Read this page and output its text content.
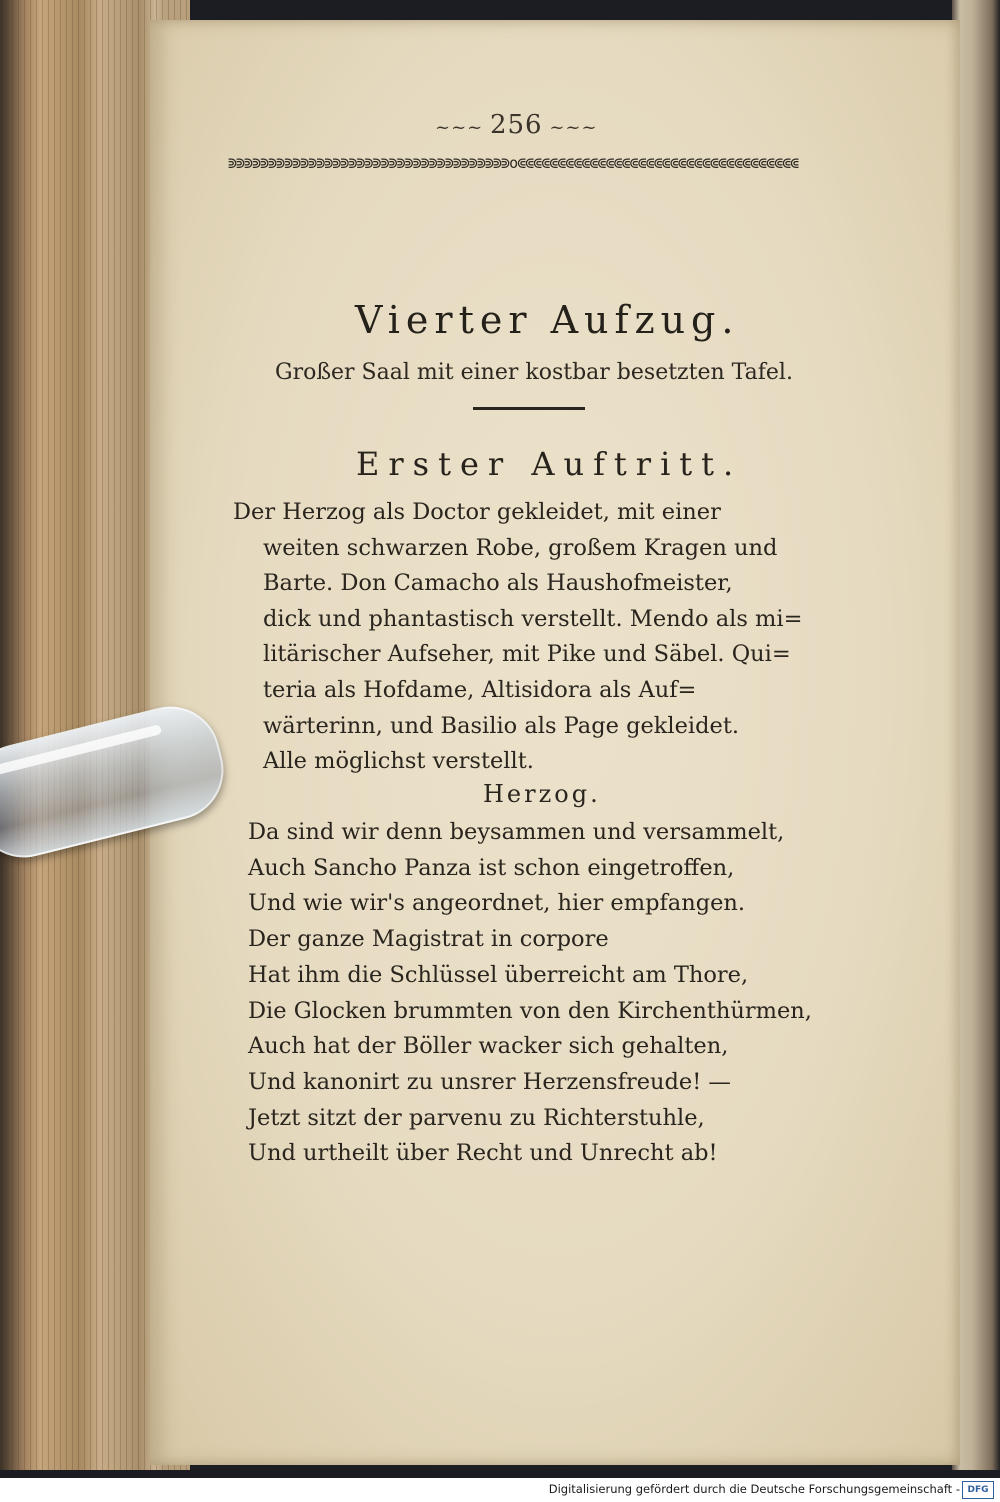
~~~ 256 ~~~
⋑⋑⋑⋑⋑⋑⋑⋑⋑⋑⋑⋑⋑⋑⋑⋑⋑⋑⋑⋑⋑⋑⋑⋑⋑⋑⋑⋑⋑⋑⋑⋑⋑⋑⋑o⋐⋐⋐⋐⋐⋐⋐⋐⋐⋐⋐⋐⋐⋐⋐⋐⋐⋐⋐⋐⋐⋐⋐⋐⋐⋐⋐⋐⋐⋐⋐⋐⋐⋐⋐
Vierter Aufzug.
Großer Saal mit einer kostbar besetzten Tafel.
Erster Auftritt.
Der Herzog als Doctor gekleidet, mit einer
weiten schwarzen Robe, großem Kragen und
Barte. Don Camacho als Haushofmeister,
dick und phantastisch verstellt. Mendo als mi=
litärischer Aufseher, mit Pike und Säbel. Qui=
teria als Hofdame, Altisidora als Auf=
wärterinn, und Basilio als Page gekleidet.
Alle möglichst verstellt.
Herzog.
Da sind wir denn beysammen und versammelt,
Auch Sancho Panza ist schon eingetroffen,
Und wie wir's angeordnet, hier empfangen.
Der ganze Magistrat in corpore
Hat ihm die Schlüssel überreicht am Thore,
Die Glocken brummten von den Kirchenthürmen,
Auch hat der Böller wacker sich gehalten,
Und kanonirt zu unsrer Herzensfreude! —
Jetzt sitzt der parvenu zu Richterstuhle,
Und urtheilt über Recht und Unrecht ab!
Digitalisierung gefördert durch die Deutsche Forschungsgemeinschaft - DFG
